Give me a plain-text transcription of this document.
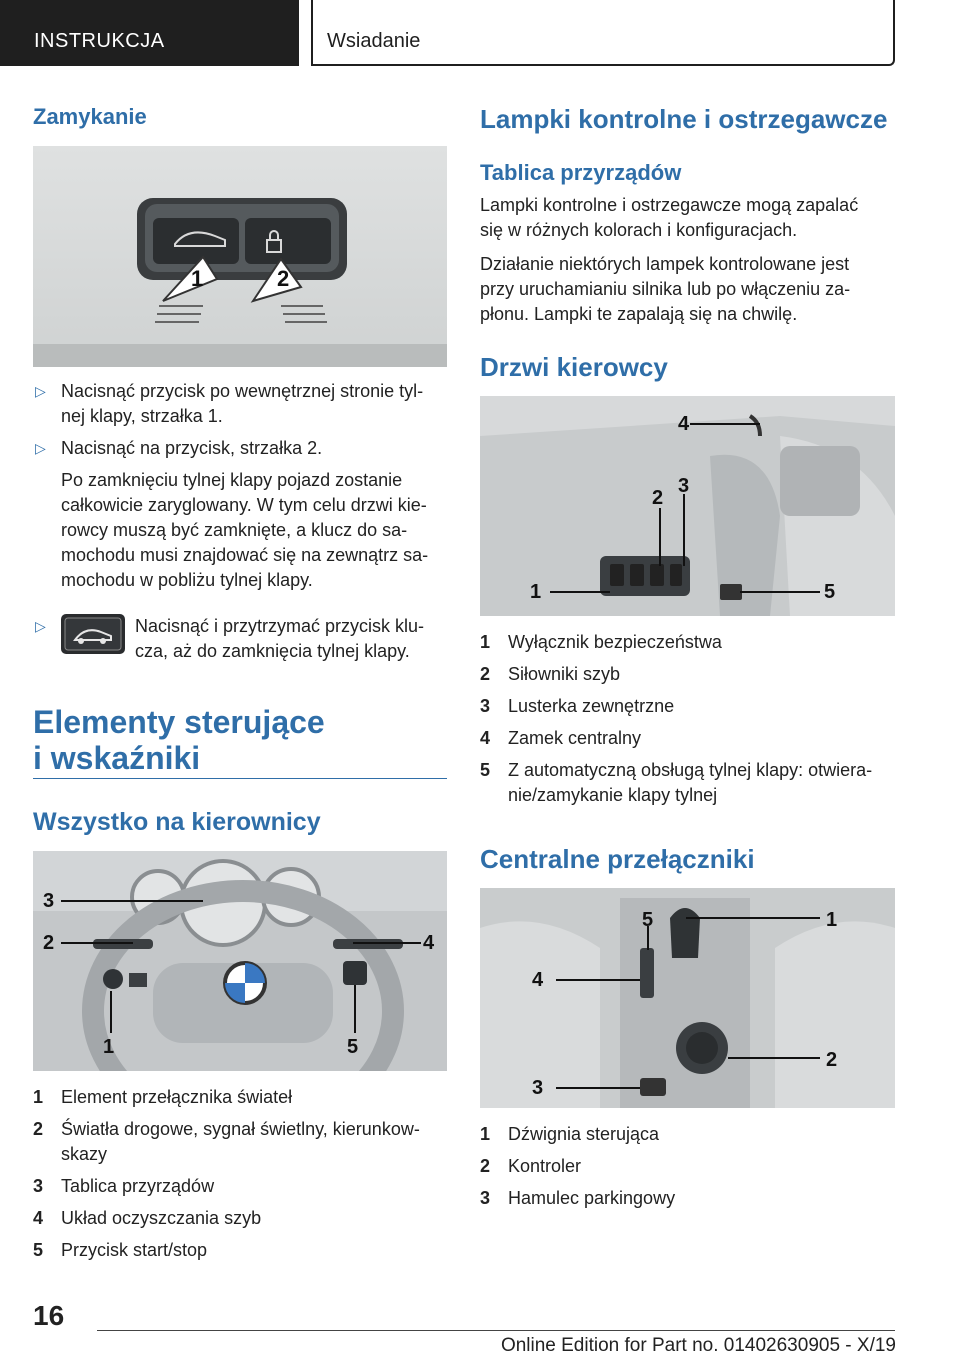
INSTRUKCJA	Wsiadanie
Zamykanie
1	2
▷ Nacisnąć przycisk po wewnętrznej stronie tyl-
nej klapy, strzałka 1.
▷ Nacisnąć na przycisk, strzałka 2.
Po zamknięciu tylnej klapy pojazd zostanie
całkowicie zaryglowany. W tym celu drzwi kie-
rowcy muszą być zamknięte, a klucz do sa-
mochodu musi znajdować się na zewnątrz sa-
mochodu w pobliżu tylnej klapy.
▷	Nacisnąć i przytrzymać przycisk klu-
cza, aż do zamknięcia tylnej klapy.
Elementy sterujące
i wskaźniki
Wszystko na kierownicy
3
2	4
1	5
1 Element przełącznika świateł
2 Światła drogowe, sygnał świetlny, kierunkow-
skazy
3 Tablica przyrządów
4 Układ oczyszczania szyb
5 Przycisk start/stop
Lampki kontrolne i ostrzegawcze
Tablica przyrządów
Lampki kontrolne i ostrzegawcze mogą zapalać
się w różnych kolorach i konfiguracjach.
Działanie niektórych lampek kontrolowane jest
przy uruchamianiu silnika lub po włączeniu za-
płonu. Lampki te zapalają się na chwilę.
Drzwi kierowcy
4
2
3
1	5
1 Wyłącznik bezpieczeństwa
2 Siłowniki szyb
3 Lusterka zewnętrzne
4 Zamek centralny
5 Z automatyczną obsługą tylnej klapy: otwiera-
nie/zamykanie klapy tylnej
Centralne przełączniki
1
5
4
2
3
1 Dźwignia sterująca
2 Kontroler
3 Hamulec parkingowy
16
Online Edition for Part no. 01402630905 - X/19
